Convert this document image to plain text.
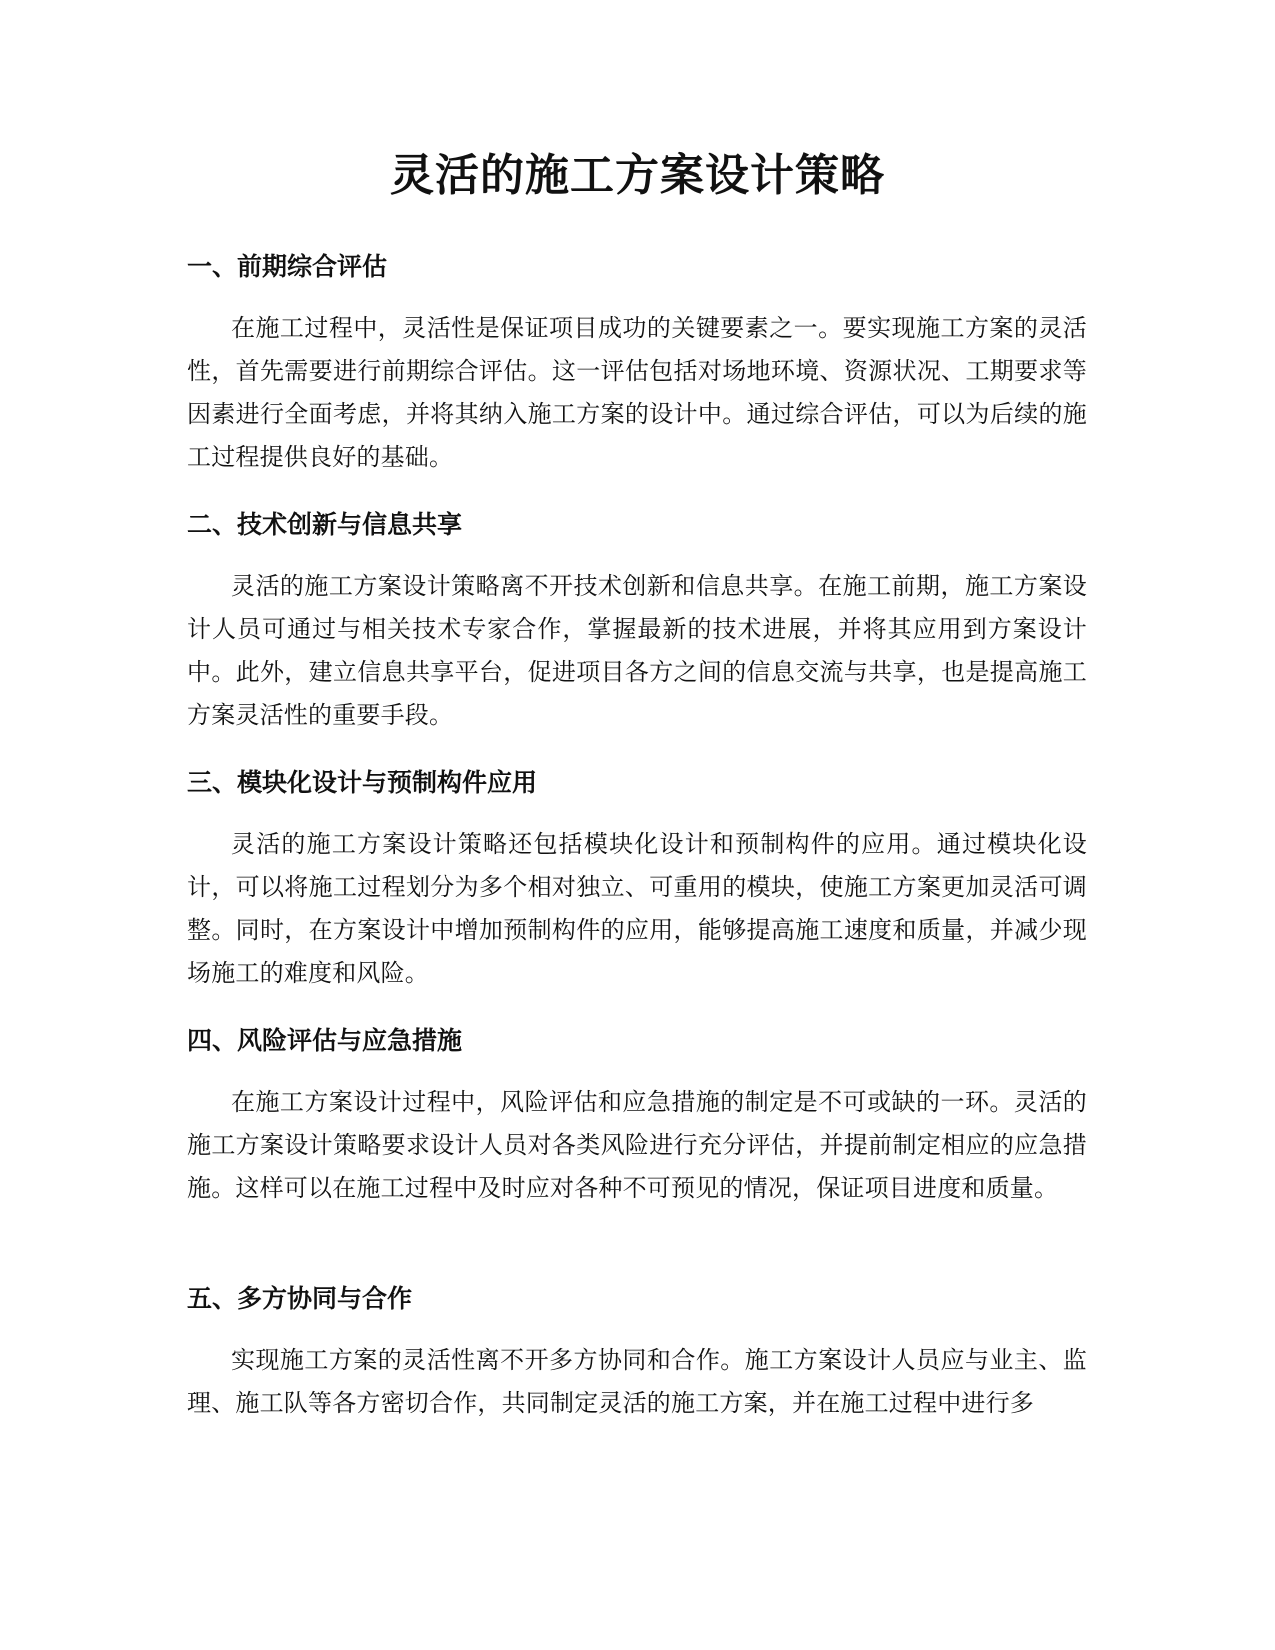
灵活的施工方案设计策略
一、前期综合评估

在施工过程中，灵活性是保证项目成功的关键要素之一。要实现施工方案的灵活性，首先需要进行前期综合评估。这一评估包括对场地环境、资源状况、工期要求等因素进行全面考虑，并将其纳入施工方案的设计中。通过综合评估，可以为后续的施工过程提供良好的基础。

二、技术创新与信息共享

灵活的施工方案设计策略离不开技术创新和信息共享。在施工前期，施工方案设计人员可通过与相关技术专家合作，掌握最新的技术进展，并将其应用到方案设计中。此外，建立信息共享平台，促进项目各方之间的信息交流与共享，也是提高施工方案灵活性的重要手段。

三、模块化设计与预制构件应用

灵活的施工方案设计策略还包括模块化设计和预制构件的应用。通过模块化设计，可以将施工过程划分为多个相对独立、可重用的模块，使施工方案更加灵活可调整。同时，在方案设计中增加预制构件的应用，能够提高施工速度和质量，并减少现场施工的难度和风险。

四、风险评估与应急措施

在施工方案设计过程中，风险评估和应急措施的制定是不可或缺的一环。灵活的施工方案设计策略要求设计人员对各类风险进行充分评估，并提前制定相应的应急措施。这样可以在施工过程中及时应对各种不可预见的情况，保证项目进度和质量。

五、多方协同与合作

实现施工方案的灵活性离不开多方协同和合作。施工方案设计人员应与业主、监理、施工队等各方密切合作，共同制定灵活的施工方案，并在施工过程中进行多
